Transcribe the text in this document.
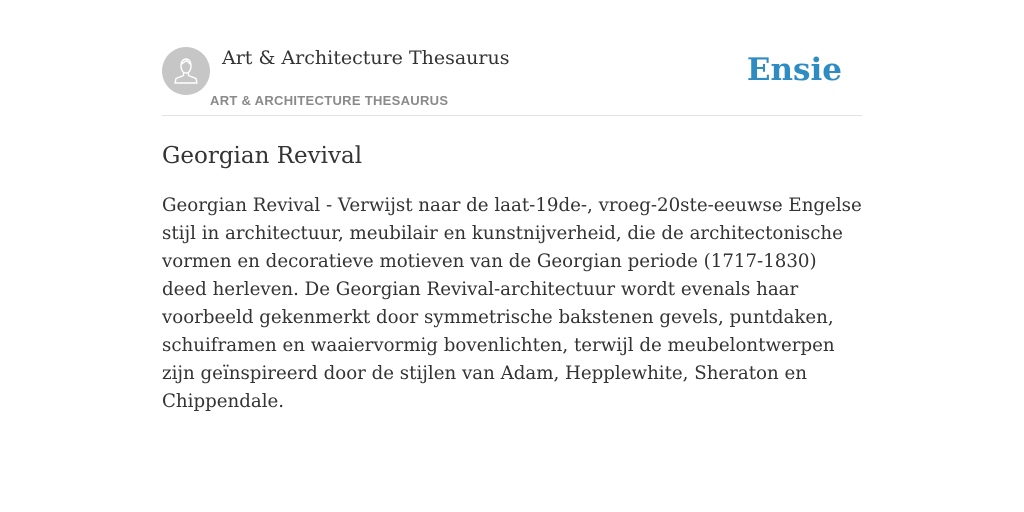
Art & Architecture Thesaurus
ART & ARCHITECTURE THESAURUS
Ensie
Georgian Revival

Georgian Revival - Verwijst naar de laat-19de-, vroeg-20ste-eeuwse Engelse stijl in architectuur, meubilair en kunstnijverheid, die de architectonische vormen en decoratieve motieven van de Georgian periode (1717-1830) deed herleven. De Georgian Revival-architectuur wordt evenals haar voorbeeld gekenmerkt door symmetrische bakstenen gevels, puntdaken, schuiframen en waaiervormig bovenlichten, terwijl de meubelontwerpen zijn geïnspireerd door de stijlen van Adam, Hepplewhite, Sheraton en Chippendale.
